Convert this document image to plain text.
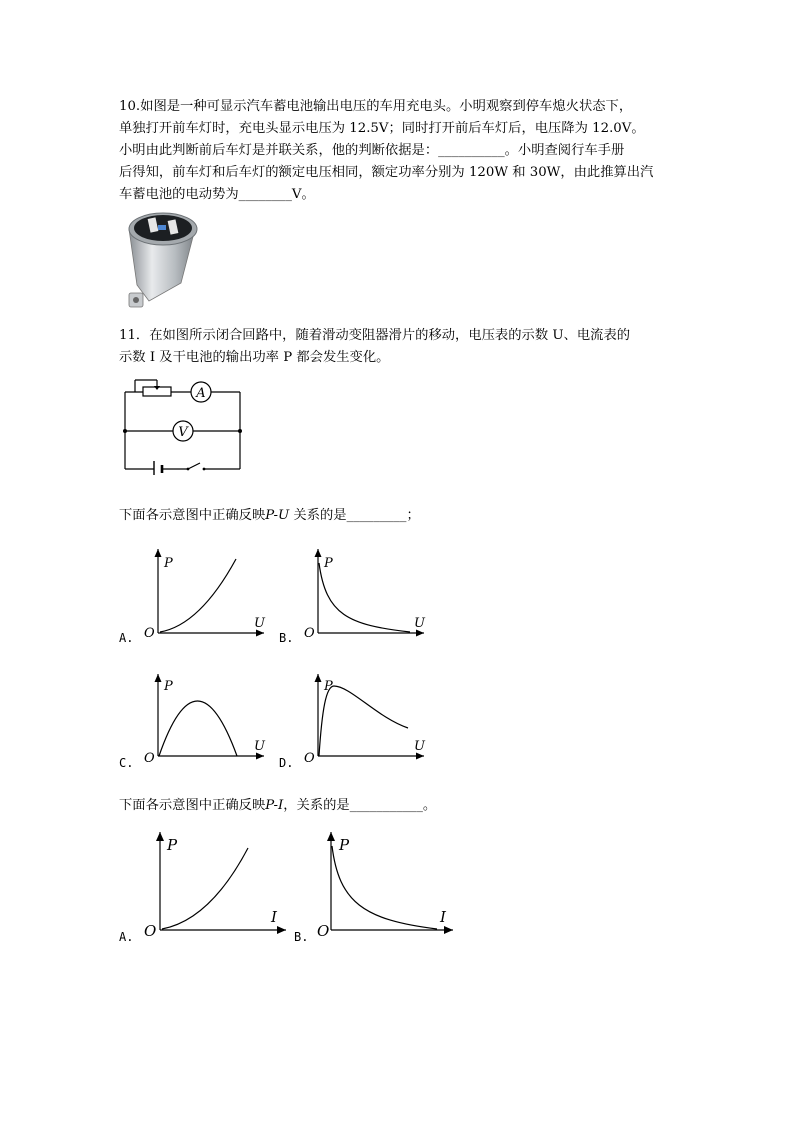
10.如图是一种可显示汽车蓄电池输出电压的车用充电头。小明观察到停车熄火状态下，

单独打开前车灯时，充电头显示电压为 12.5V；同时打开前后车灯后，电压降为 12.0V。

小明由此判断前后车灯是并联关系，他的判断依据是：__________。小明查阅行车手册

后得知，前车灯和后车灯的额定电压相同，额定功率分别为 120W 和 30W，由此推算出汽

车蓄电池的电动势为________V。

11．在如图所示闭合回路中，随着滑动变阻器滑片的移动，电压表的示数 U、电流表的

示数 I 及干电池的输出功率 P 都会发生变化。

A
V

下面各示意图中正确反映P-U 关系的是_________；

P
U
O
A.
P
U
O
B.
P
U
O
C.
P
U
O
D.

下面各示意图中正确反映P-I，关系的是___________。

P
I
O
A.
P
I
O
B.
